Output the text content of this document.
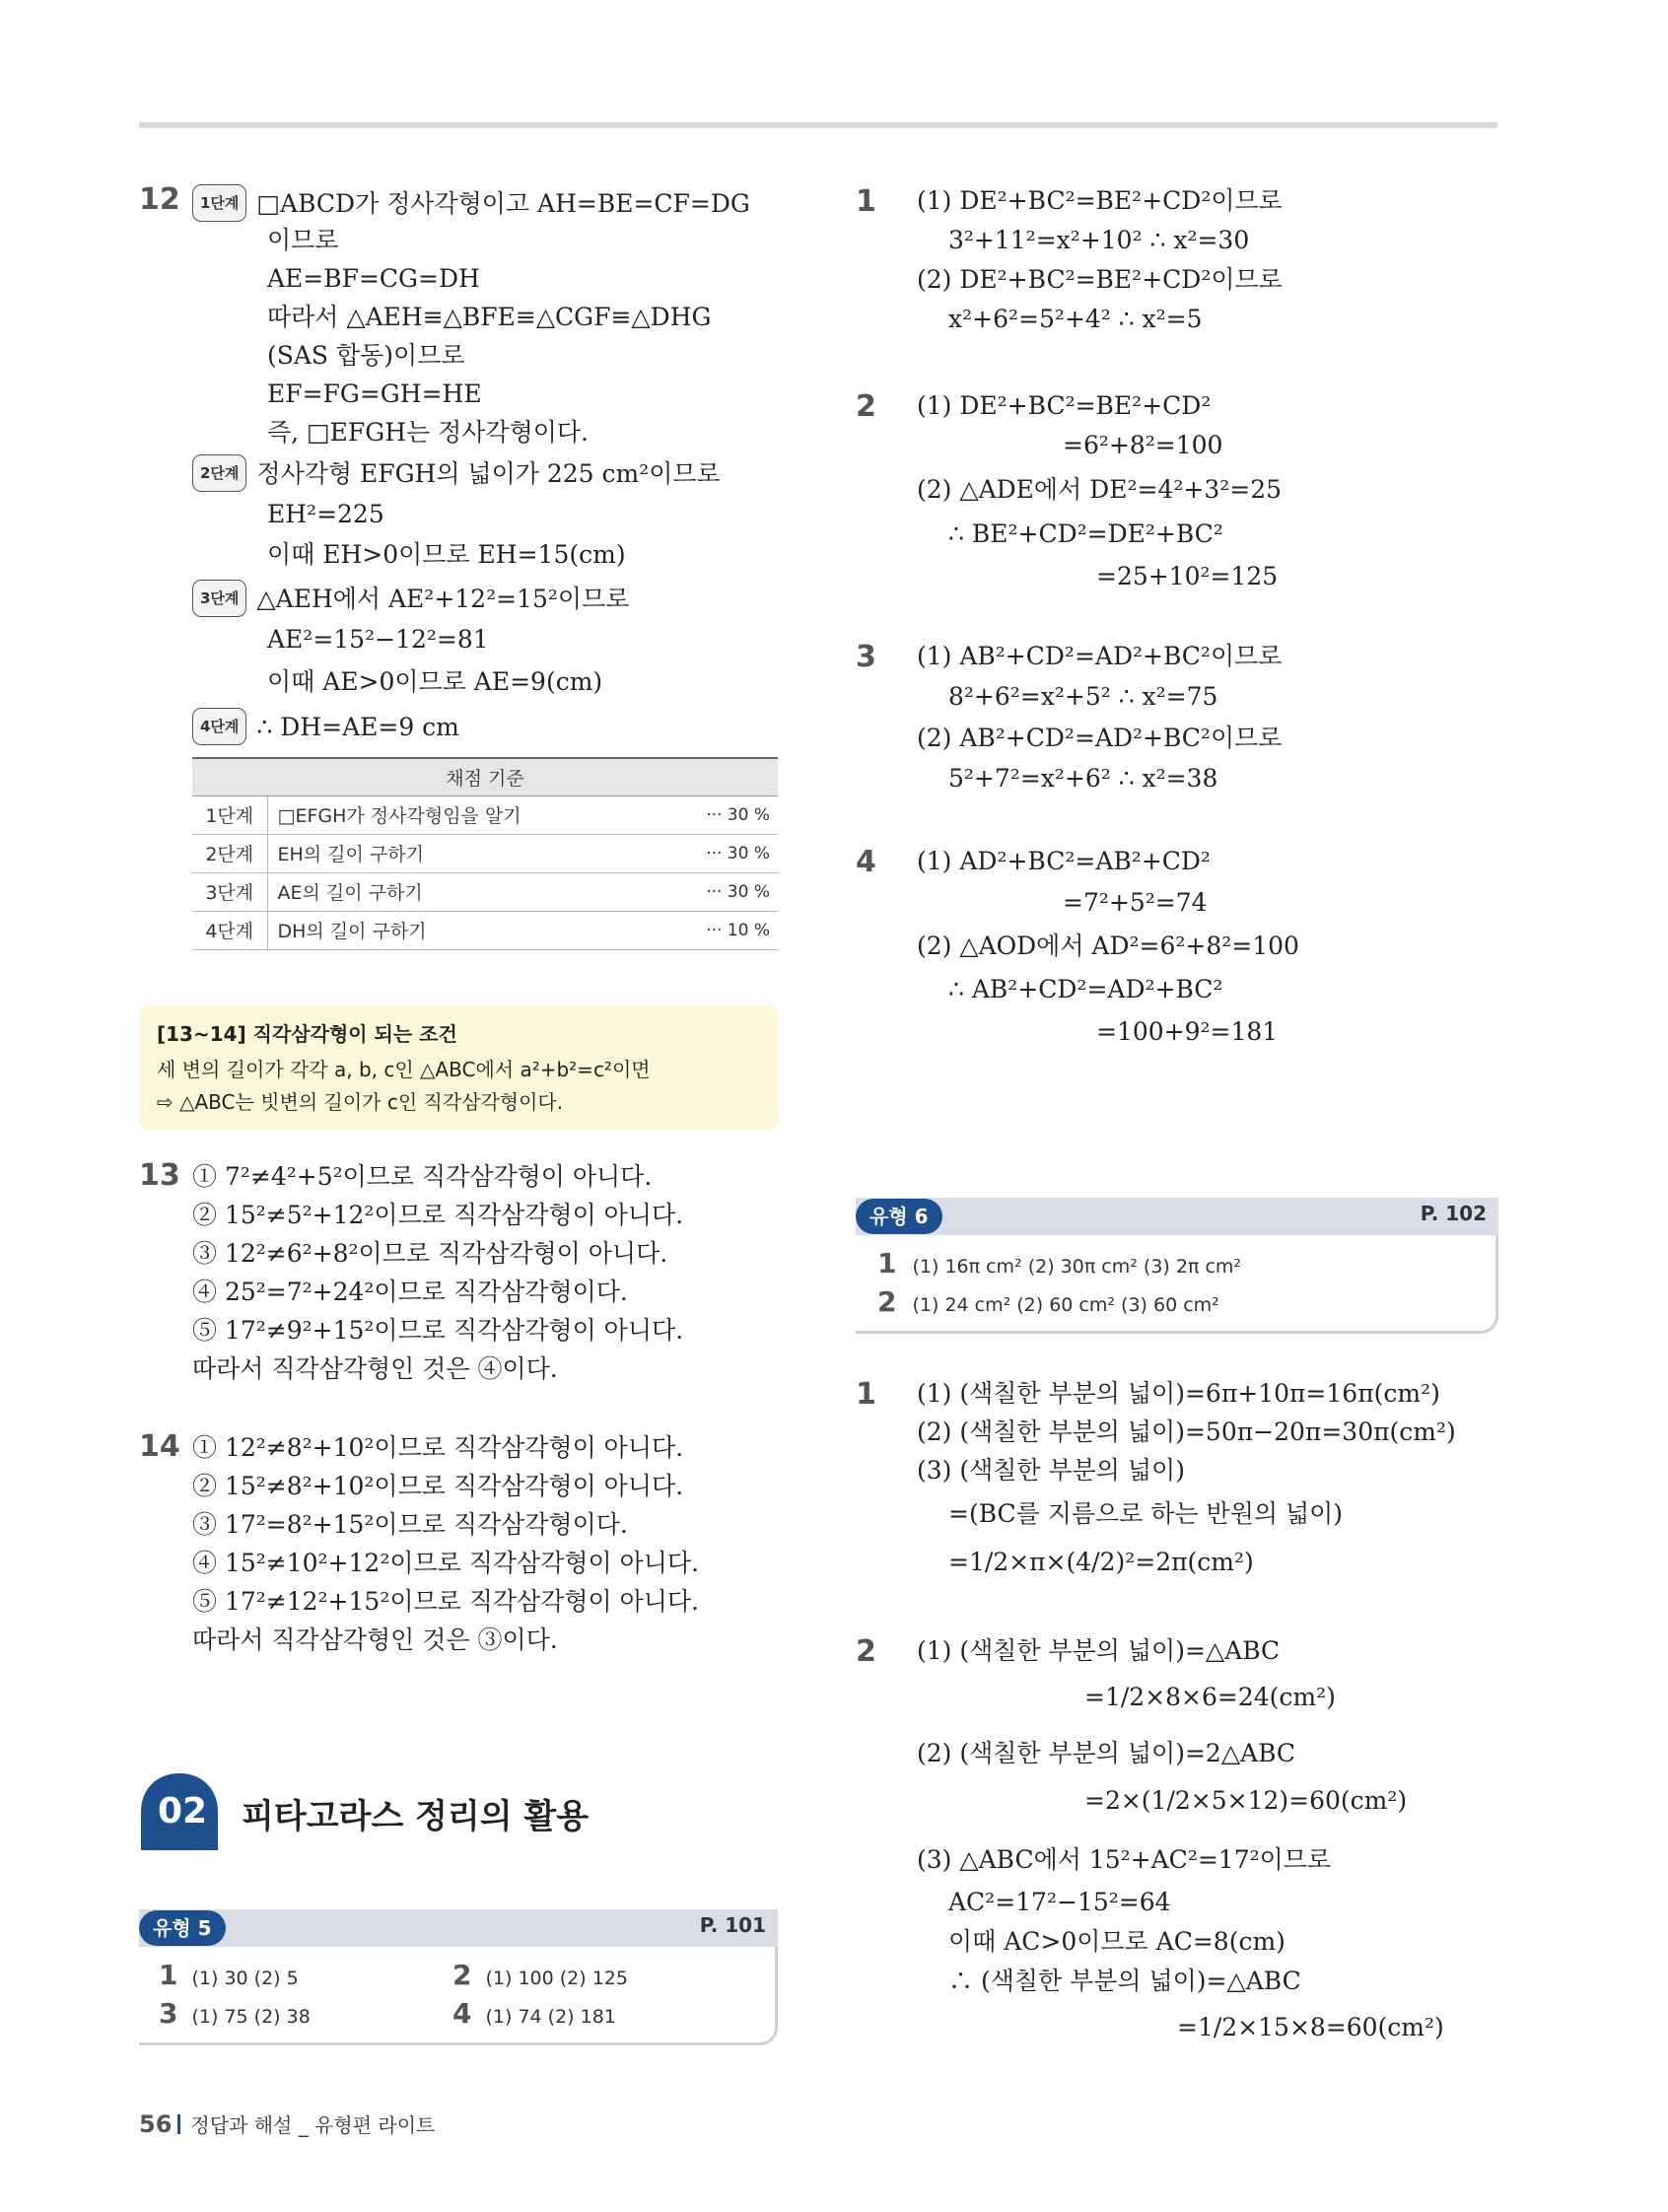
12	1단계 □ABCD가 정사각형이고 AH=BE=CF=DG
이므로
AE=BF=CG=DH
따라서 △AEH≡△BFE≡△CGF≡△DHG
(SAS 합동)이므로
EF=FG=GH=HE
즉, □EFGH는 정사각형이다.
2단계 정사각형 EFGH의 넓이가 225 cm²이므로
EH²=225
이때 EH>0이므로 EH=15(cm)
3단계 △AEH에서 AE²+12²=15²이므로
AE²=15²−12²=81
이때 AE>0이므로 AE=9(cm)
4단계 ∴ DH=AE=9 cm
채점 기준		
1단계	□EFGH가 정사각형임을 알기	··· 30 %
2단계	EH의 길이 구하기	··· 30 %
3단계	AE의 길이 구하기	··· 30 %
4단계	DH의 길이 구하기	··· 10 %
[13~14] 직각삼각형이 되는 조건
세 변의 길이가 각각 a, b, c인 △ABC에서 a²+b²=c²이면
⇨ △ABC는 빗변의 길이가 c인 직각삼각형이다.
13 ① 7²≠4²+5²이므로 직각삼각형이 아니다.
② 15²≠5²+12²이므로 직각삼각형이 아니다.
③ 12²≠6²+8²이므로 직각삼각형이 아니다.
④ 25²=7²+24²이므로 직각삼각형이다.
⑤ 17²≠9²+15²이므로 직각삼각형이 아니다.
따라서 직각삼각형인 것은 ④이다.
14 ① 12²≠8²+10²이므로 직각삼각형이 아니다.
② 15²≠8²+10²이므로 직각삼각형이 아니다.
③ 17²=8²+15²이므로 직각삼각형이다.
④ 15²≠10²+12²이므로 직각삼각형이 아니다.
⑤ 17²≠12²+15²이므로 직각삼각형이 아니다.
따라서 직각삼각형인 것은 ③이다.
02	피타고라스 정리의 활용
유형 5	P. 101
1 (1) 30 (2) 5	2 (1) 100 (2) 125
3 (1) 75 (2) 38	4 (1) 74 (2) 181
1 (1) DE²+BC²=BE²+CD²이므로
3²+11²=x²+10² ∴ x²=30
(2) DE²+BC²=BE²+CD²이므로
x²+6²=5²+4² ∴ x²=5
2 (1) DE²+BC²=BE²+CD²
=6²+8²=100
(2) △ADE에서 DE²=4²+3²=25
∴ BE²+CD²=DE²+BC²
=25+10²=125
3 (1) AB²+CD²=AD²+BC²이므로
8²+6²=x²+5² ∴ x²=75
(2) AB²+CD²=AD²+BC²이므로
5²+7²=x²+6² ∴ x²=38
4 (1) AD²+BC²=AB²+CD²
=7²+5²=74
(2) △AOD에서 AD²=6²+8²=100
∴ AB²+CD²=AD²+BC²
=100+9²=181
유형 6	P. 102
1 (1) 16π cm² (2) 30π cm² (3) 2π cm²
2 (1) 24 cm² (2) 60 cm² (3) 60 cm²
1 (1) (색칠한 부분의 넓이)=6π+10π=16π(cm²)
(2) (색칠한 부분의 넓이)=50π−20π=30π(cm²)
(3) (색칠한 부분의 넓이)
=(BC를 지름으로 하는 반원의 넓이)
=1/2×π×(4/2)²=2π(cm²)
2 (1) (색칠한 부분의 넓이)=△ABC
=1/2×8×6=24(cm²)
(2) (색칠한 부분의 넓이)=2△ABC
=2×(1/2×5×12)=60(cm²)
(3) △ABC에서 15²+AC²=17²이므로
AC²=17²−15²=64
이때 AC>0이므로 AC=8(cm)
∴ (색칠한 부분의 넓이)=△ABC
=1/2×15×8=60(cm²)
56 정답과 해설 _ 유형편 라이트
